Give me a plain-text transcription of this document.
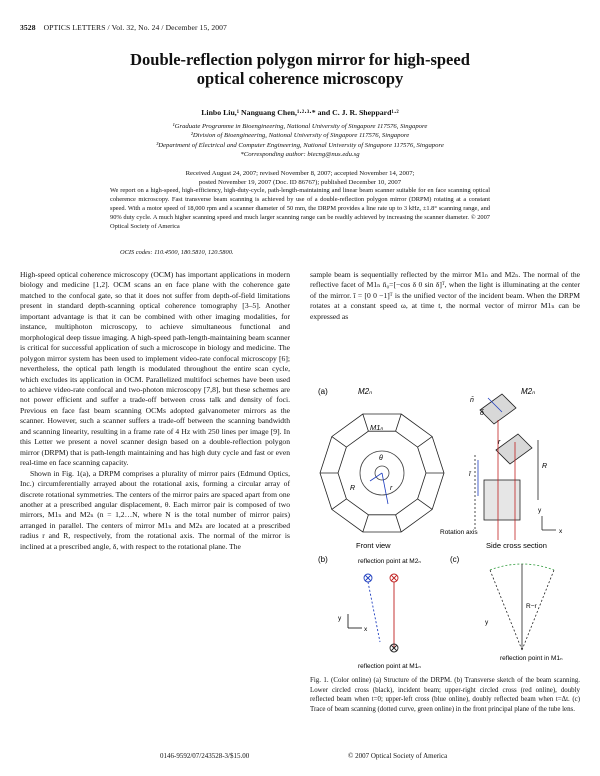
3528 OPTICS LETTERS / Vol. 32, No. 24 / December 15, 2007
Double-reflection polygon mirror for high-speed
optical coherence microscopy
Linbo Liu,¹ Nanguang Chen,¹·²·³·* and C. J. R. Sheppard¹·²
¹Graduate Programme in Bioengineering, National University of Singapore 117576, Singapore
²Division of Bioengineering, National University of Singapore 117576, Singapore
³Department of Electrical and Computer Engineering, National University of Singapore 117576, Singapore
*Corresponding author: biecng@nus.edu.sg
Received August 24, 2007; revised November 8, 2007; accepted November 14, 2007;
posted November 19, 2007 (Doc. ID 86767); published December 10, 2007
We report on a high-speed, high-efficiency, high-duty-cycle, path-length-maintaining and linear beam scanner suitable for en face scanning optical coherence microscopy. Fast transverse beam scanning is achieved by use of a double-reflection polygon mirror (DRPM) rotating at a constant speed. With a motor speed of 18,000 rpm and a scanner diameter of 50 mm, the DRPM provides a line rate up to 3 kHz, ±1.8° scanning range, and 90% duty cycle. A much higher scanning speed and much larger scanning range can be readily achieved by increasing the scanner diameter. © 2007 Optical Society of America
OCIS codes: 110.4500, 180.5810, 120.5800.

High-speed optical coherence microscopy (OCM) has important applications in modern biology and medicine [1,2]. OCM scans an en face plane with the coherence gate matched to the confocal gate, so that it does not suffer from depth-of-field limitations present in standard depth-scanning optical coherence tomography [3–5]. Another important advantage is that it can be combined with other imaging modalities, for instance, multiphoton microscopy, to achieve simultaneous functional and morphological deep tissue imaging. A high-speed path-length-maintaining beam scanner is critical for successful application of such a microscope in biology and medicine. The polygon mirror system has been used to implement video-rate confocal microscopy [6]; nevertheless, the optical path length is modulated throughout the entire scan cycle, which excludes its application in OCM. Parallelized multifoci schemes have been used to achieve video-rate confocal and two-photon microscopy [7,8], but these schemes are not power efficient and suffer a trade-off between cross talk and density of foci. Previous en face fast beam scanning OCMs adopted galvanometer mirrors as the scanner. However, such a scanner suffers a trade-off between the scanning bandwidth and scanning linearity, resulting in a frame rate of 4 Hz with 250 lines per image [9]. In this Letter we present a novel scanner design based on a double-reflection polygon mirror (DRPM) that is path-length maintaining and has high duty cycle and fast or even real-time en face scanning capacity.

Shown in Fig. 1(a), a DRPM comprises a plurality of mirror pairs (Edmund Optics, Inc.) circumferentially arrayed about the rotational axis, forming a circular array of discrete rotational symmetries. The centers of the mirror pairs are spaced apart from one another at a prescribed angular displacement, θ. Each mirror pair is composed of two mirrors, M1ₙ and M2ₙ (n = 1,2…N, where N is the total number of mirror pairs) arranged in parallel. The centers of mirror M1ₙ and M2ₙ are located at a prescribed radius r and R, respectively, from the rotational axis. The normal of the mirror is inclined at a prescribed angle, δ, with respect to the rotational plane. The

sample beam is sequentially reflected by the mirror M1ₙ and M2ₙ. The normal of the reflective facet of M1ₙ n̄₀=[−cos δ 0 sin δ]ᵀ, when the light is illuminating at the center of the mirror. ī = [0 0 −1]ᵀ is the unified vector of the incident beam. When the DRPM rotates at a constant speed ω, at time t, the normal vector of mirror M1ₙ can be expressed as

(a)	M2ₙ
M1ₙ
θ
r
R
Front view
n̄
δ
ī
M2ₙ
r
R
Rotation axis
y
x
Side cross section
(b)	reflection point at M2ₙ
y
x
reflection point at M1ₙ
(c)
R−r
y
reflection point in M1ₙ
Fig. 1. (Color online) (a) Structure of the DRPM. (b) Transverse sketch of the beam scanning. Lower circled cross (black), incident beam; upper-right circled cross (red online), doubly reflected beam when t=0; upper-left cross (blue online), doubly reflected beam when t=Δt. (c) Trace of beam scanning (dotted curve, green online) in the front principal plane of the tube lens.
0146-9592/07/243528-3/$15.00	© 2007 Optical Society of America
